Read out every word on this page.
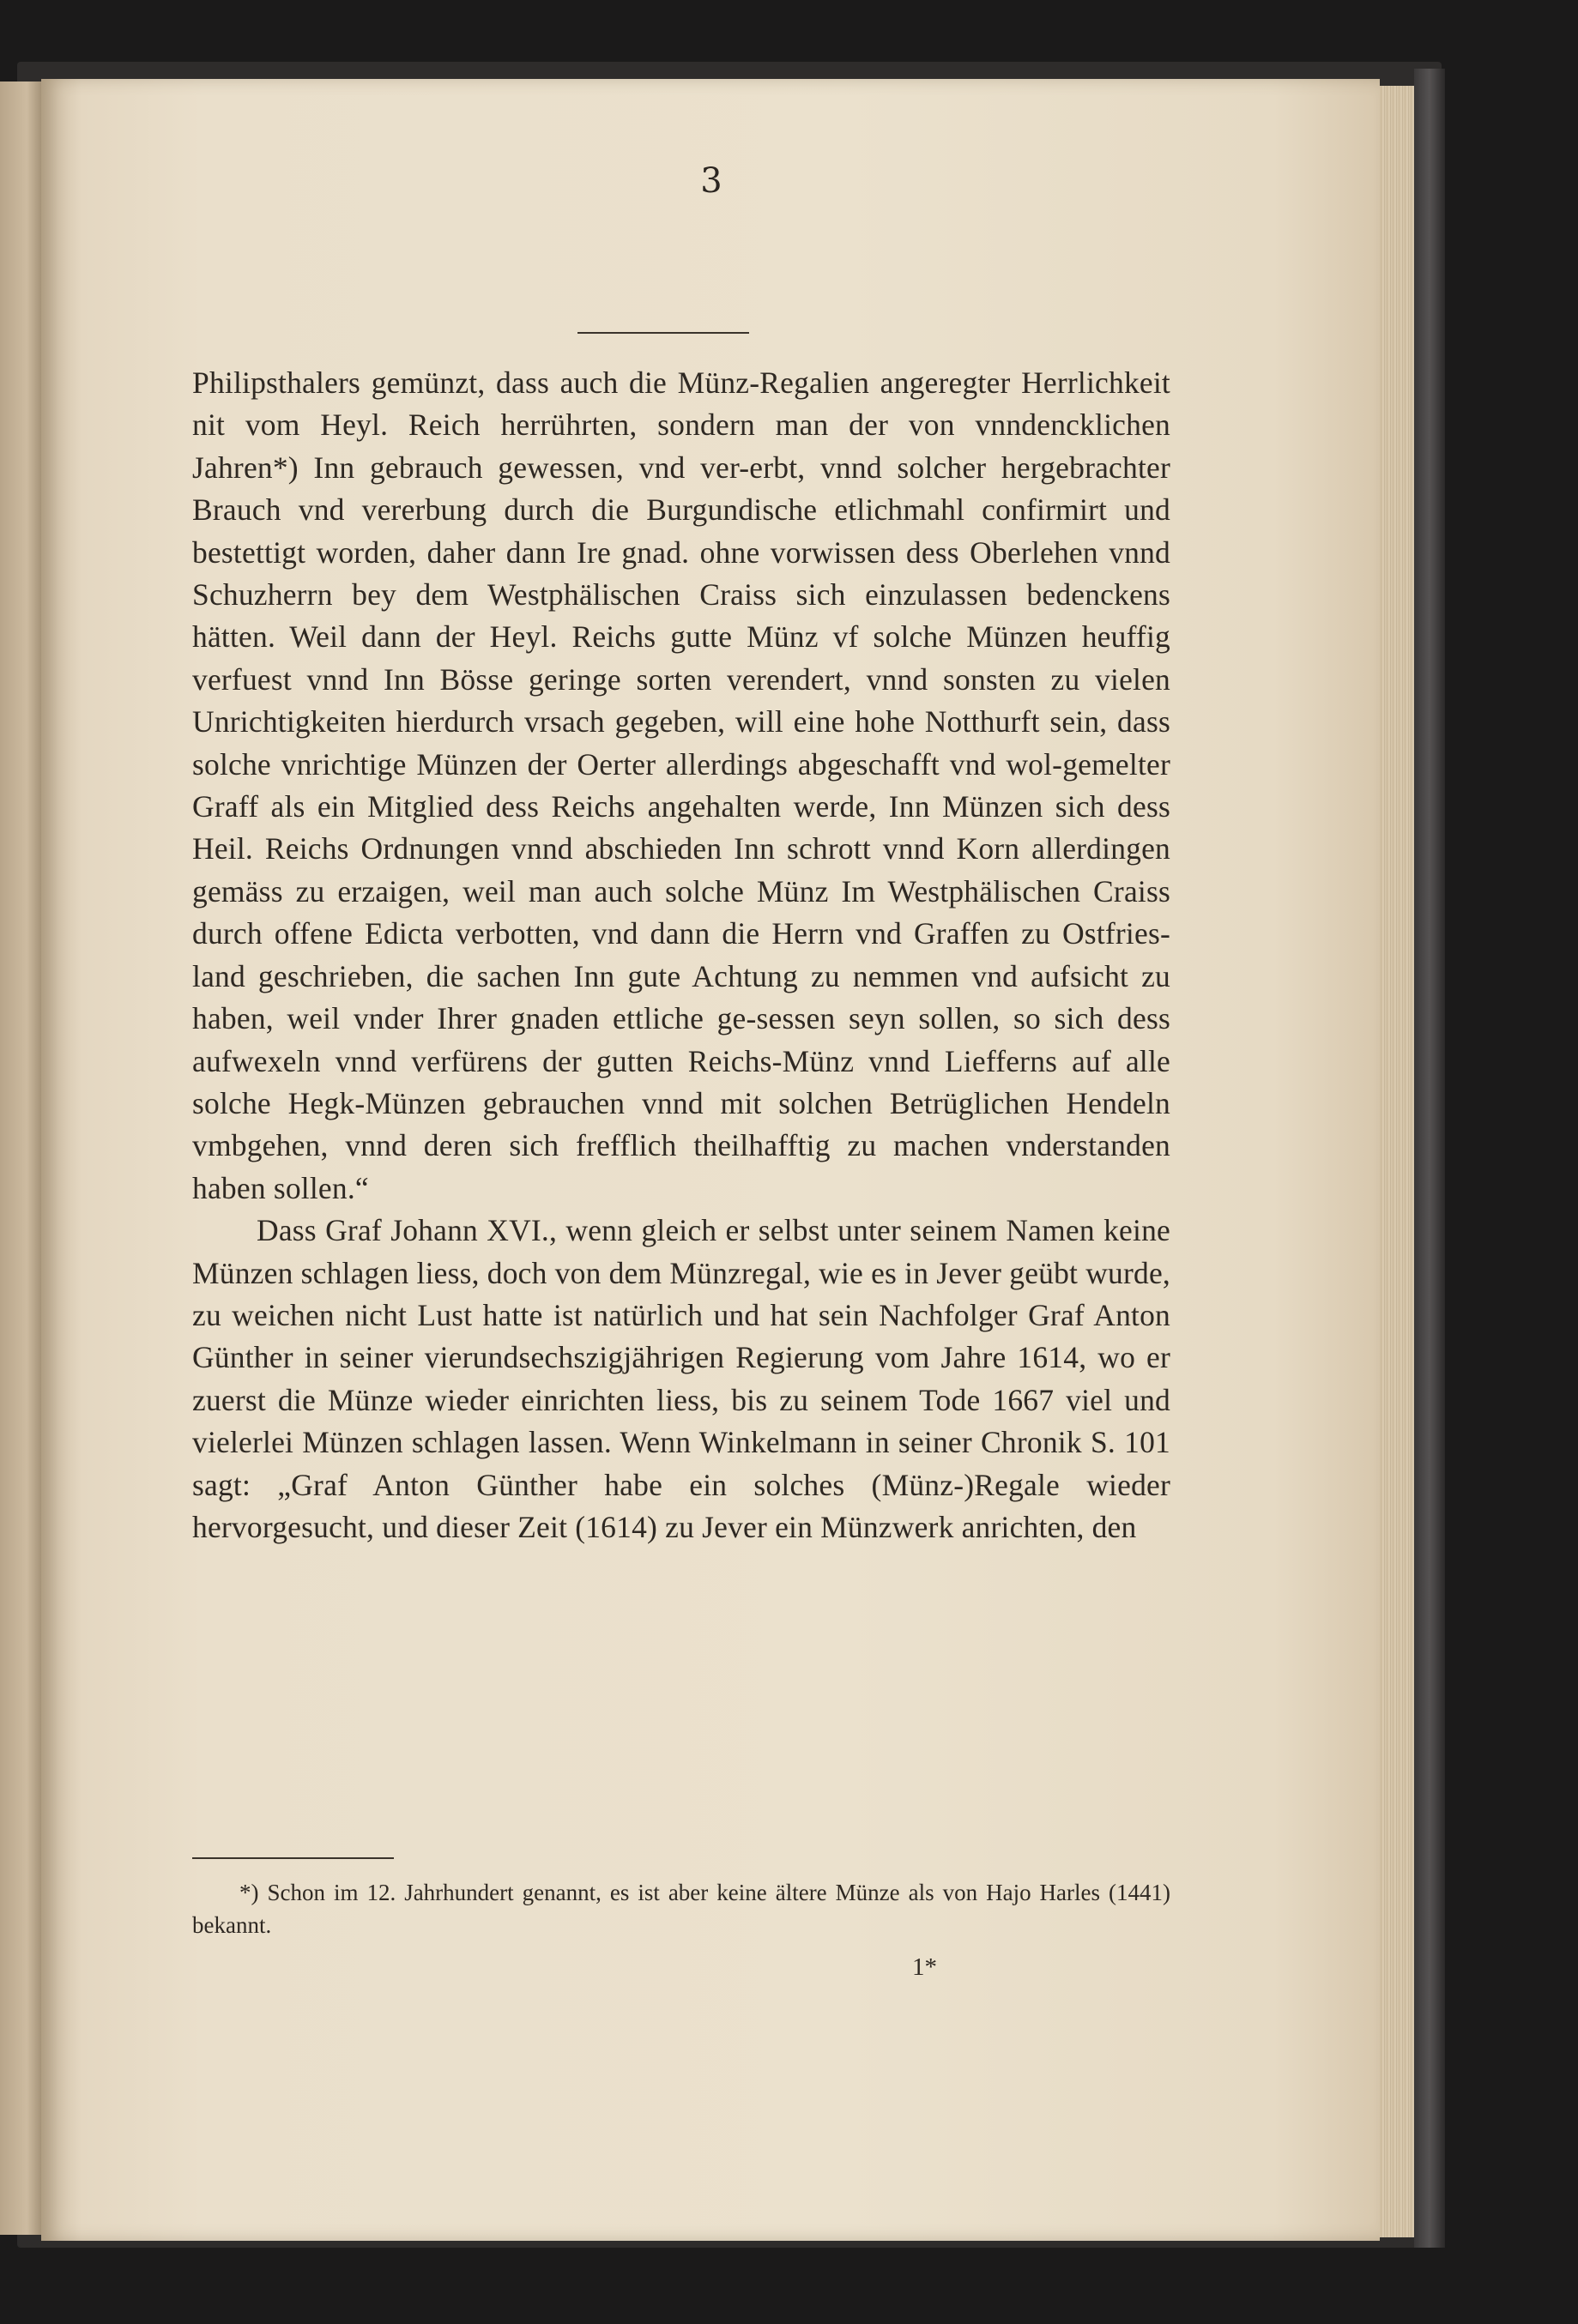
3

Philipsthalers gemünzt, dass auch die Münz-Regalien angeregter Herrlichkeit nit vom Heyl. Reich herrührten, sondern man der von vnndencklichen Jahren*) Inn gebrauch gewessen, vnd ver-erbt, vnnd solcher hergebrachter Brauch vnd vererbung durch die Burgundische etlichmahl confirmirt und bestettigt worden, daher dann Ire gnad. ohne vorwissen dess Oberlehen vnnd Schuzherrn bey dem Westphälischen Craiss sich einzulassen bedenckens hätten. Weil dann der Heyl. Reichs gutte Münz vf solche Münzen heuffig verfuest vnnd Inn Bösse geringe sorten verendert, vnnd sonsten zu vielen Unrichtigkeiten hierdurch vrsach gegeben, will eine hohe Notthurft sein, dass solche vnrichtige Münzen der Oerter allerdings abgeschafft vnd wol-gemelter Graff als ein Mitglied dess Reichs angehalten werde, Inn Münzen sich dess Heil. Reichs Ordnungen vnnd abschieden Inn schrott vnnd Korn allerdingen gemäss zu erzaigen, weil man auch solche Münz Im Westphälischen Craiss durch offene Edicta verbotten, vnd dann die Herrn vnd Graffen zu Ostfries-land geschrieben, die sachen Inn gute Achtung zu nemmen vnd aufsicht zu haben, weil vnder Ihrer gnaden ettliche ge-sessen seyn sollen, so sich dess aufwexeln vnnd verfürens der gutten Reichs-Münz vnnd Liefferns auf alle solche Hegk-Münzen gebrauchen vnnd mit solchen Betrüglichen Hendeln vmbgehen, vnnd deren sich frefflich theilhafftig zu machen vnderstanden haben sollen.“

Dass Graf Johann XVI., wenn gleich er selbst unter seinem Namen keine Münzen schlagen liess, doch von dem Münzregal, wie es in Jever geübt wurde, zu weichen nicht Lust hatte ist natürlich und hat sein Nachfolger Graf Anton Günther in seiner vierundsechszigjährigen Regierung vom Jahre 1614, wo er zuerst die Münze wieder einrichten liess, bis zu seinem Tode 1667 viel und vielerlei Münzen schlagen lassen. Wenn Winkelmann in seiner Chronik S. 101 sagt: „Graf Anton Günther habe ein solches (Münz-)Regale wieder hervorgesucht, und dieser Zeit (1614) zu Jever ein Münzwerk anrichten, den

*) Schon im 12. Jahrhundert genannt, es ist aber keine ältere Münze als von Hajo Harles (1441) bekannt.

1*
